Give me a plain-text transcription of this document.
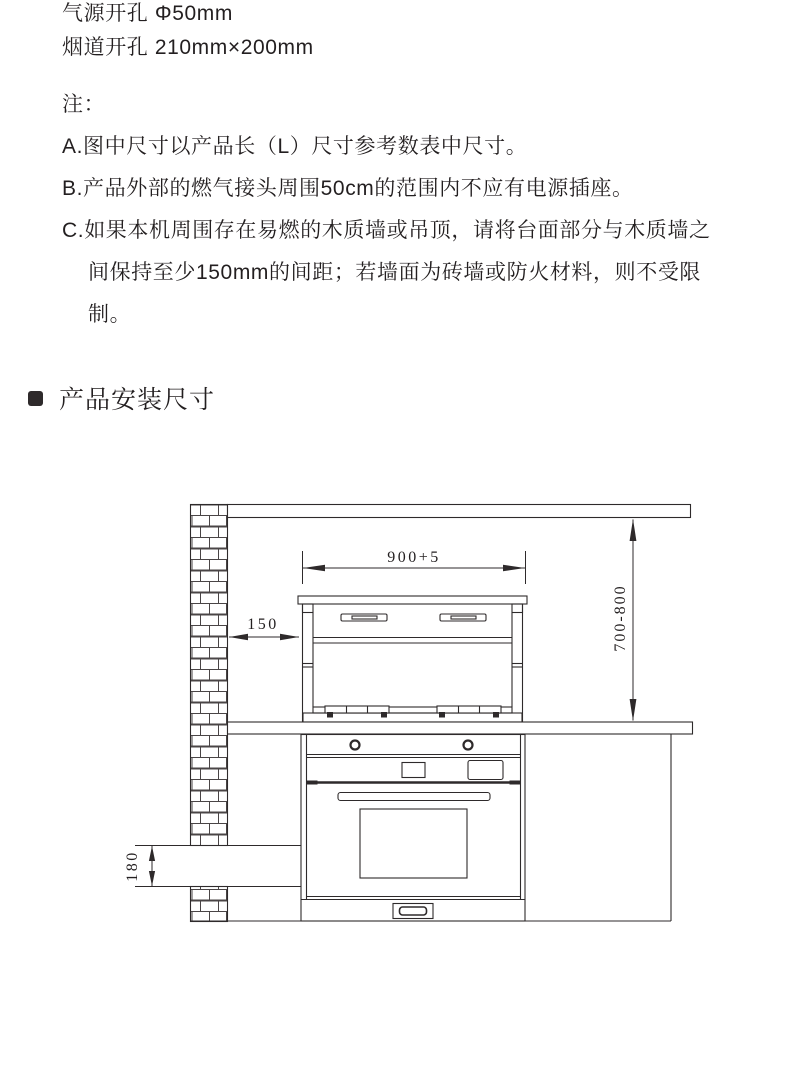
气源开孔 Φ50mm
烟道开孔 210mm×200mm
注：
A.图中尺寸以产品长（L）尺寸参考数表中尺寸。
B.产品外部的燃气接头周围50cm的范围内不应有电源插座。
C.如果本机周围存在易燃的木质墙或吊顶，请将台面部分与木质墙之
间保持至少150mm的间距；若墙面为砖墙或防火材料，则不受限
制。
产品安装尺寸
900+5
150	700-800
180
